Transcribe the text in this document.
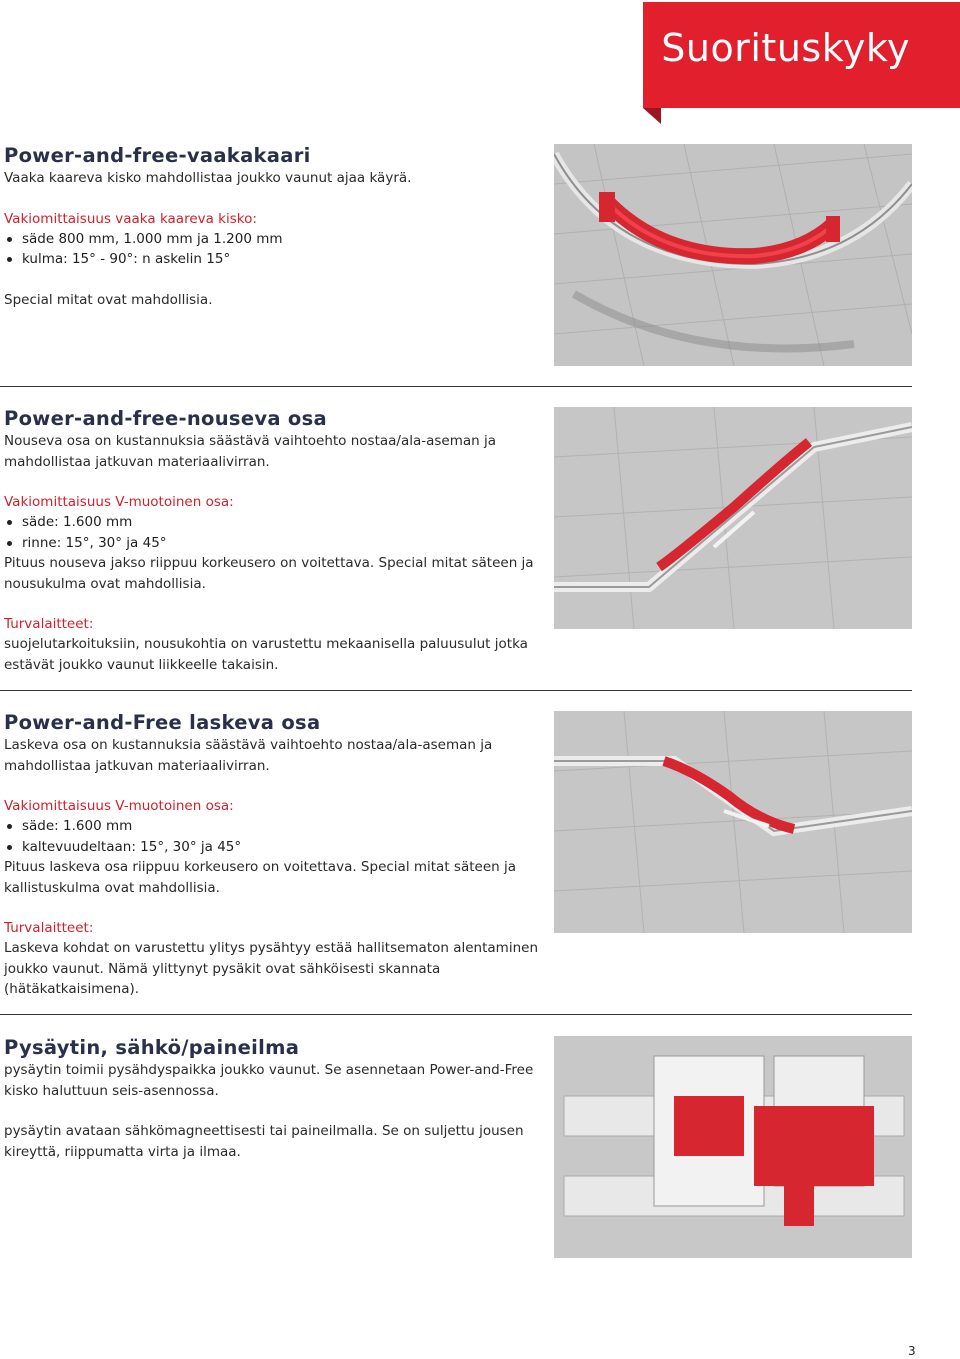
Suorituskyky
Power-and-free-vaakakaari

Vaaka kaareva kisko mahdollistaa joukko vaunut ajaa käyrä.

Vakiomittaisuus vaaka kaareva kisko:

säde 800 mm, 1.000 mm ja 1.200 mm
kulma: 15° - 90°: n askelin 15°

Special mitat ovat mahdollisia.

Power-and-free-nouseva osa

Nouseva osa on kustannuksia säästävä vaihtoehto nostaa/ala-aseman ja mahdollistaa jatkuvan materiaalivirran.

Vakiomittaisuus V-muotoinen osa:

säde: 1.600 mm
rinne: 15°, 30° ja 45°

Pituus nouseva jakso riippuu korkeusero on voitettava. Special mitat säteen ja nousukulma ovat mahdollisia.

Turvalaitteet:

suojelutarkoituksiin, nousukohtia on varustettu mekaanisella paluusulut jotka estävät joukko vaunut liikkeelle takaisin.

Power-and-Free laskeva osa

Laskeva osa on kustannuksia säästävä vaihtoehto nostaa/ala-aseman ja mahdollistaa jatkuvan materiaalivirran.

Vakiomittaisuus V-muotoinen osa:

säde: 1.600 mm
kaltevuudeltaan: 15°, 30° ja 45°

Pituus laskeva osa riippuu korkeusero on voitettava. Special mitat säteen ja kallistuskulma ovat mahdollisia.

Turvalaitteet:

Laskeva kohdat on varustettu ylitys pysähtyy estää hallitsematon alentaminen joukko vaunut. Nämä ylittynyt pysäkit ovat sähköisesti skannata (hätäkatkaisimena).

Pysäytin, sähkö/paineilma

pysäytin toimii pysähdyspaikka joukko vaunut. Se asennetaan Power-and-Free kisko haluttuun seis-asennossa.

pysäytin avataan sähkömagneettisesti tai paineilmalla. Se on suljettu jousen kireyttä, riippumatta virta ja ilmaa.

3
